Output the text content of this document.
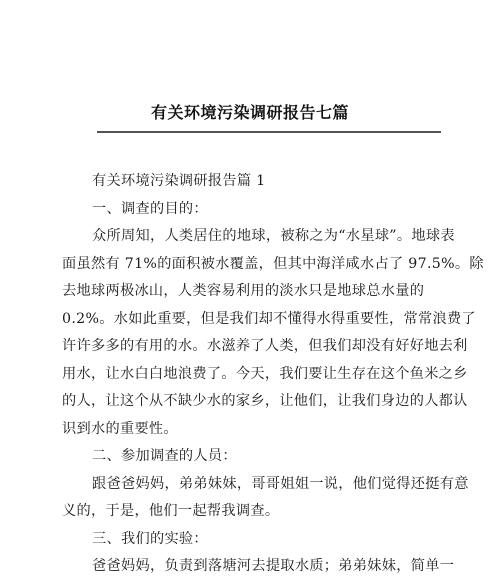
有关环境污染调研报告七篇
有关环境污染调研报告篇 1
一、调查的目的：
众所周知，人类居住的地球，被称之为“水星球”。地球表
面虽然有 71%的面积被水覆盖，但其中海洋咸水占了 97.5%。除
去地球两极冰山，人类容易利用的淡水只是地球总水量的
0.2%。水如此重要，但是我们却不懂得水得重要性，常常浪费了
许许多多的有用的水。水滋养了人类，但我们却没有好好地去利
用水，让水白白地浪费了。今天，我们要让生存在这个鱼米之乡
的人，让这个从不缺少水的家乡，让他们，让我们身边的人都认
识到水的重要性。
二、参加调查的人员：
跟爸爸妈妈，弟弟妹妹，哥哥姐姐一说，他们觉得还挺有意
义的，于是，他们一起帮我调查。
三、我们的实验：
爸爸妈妈，负责到落塘河去提取水质；弟弟妹妹，简单一
